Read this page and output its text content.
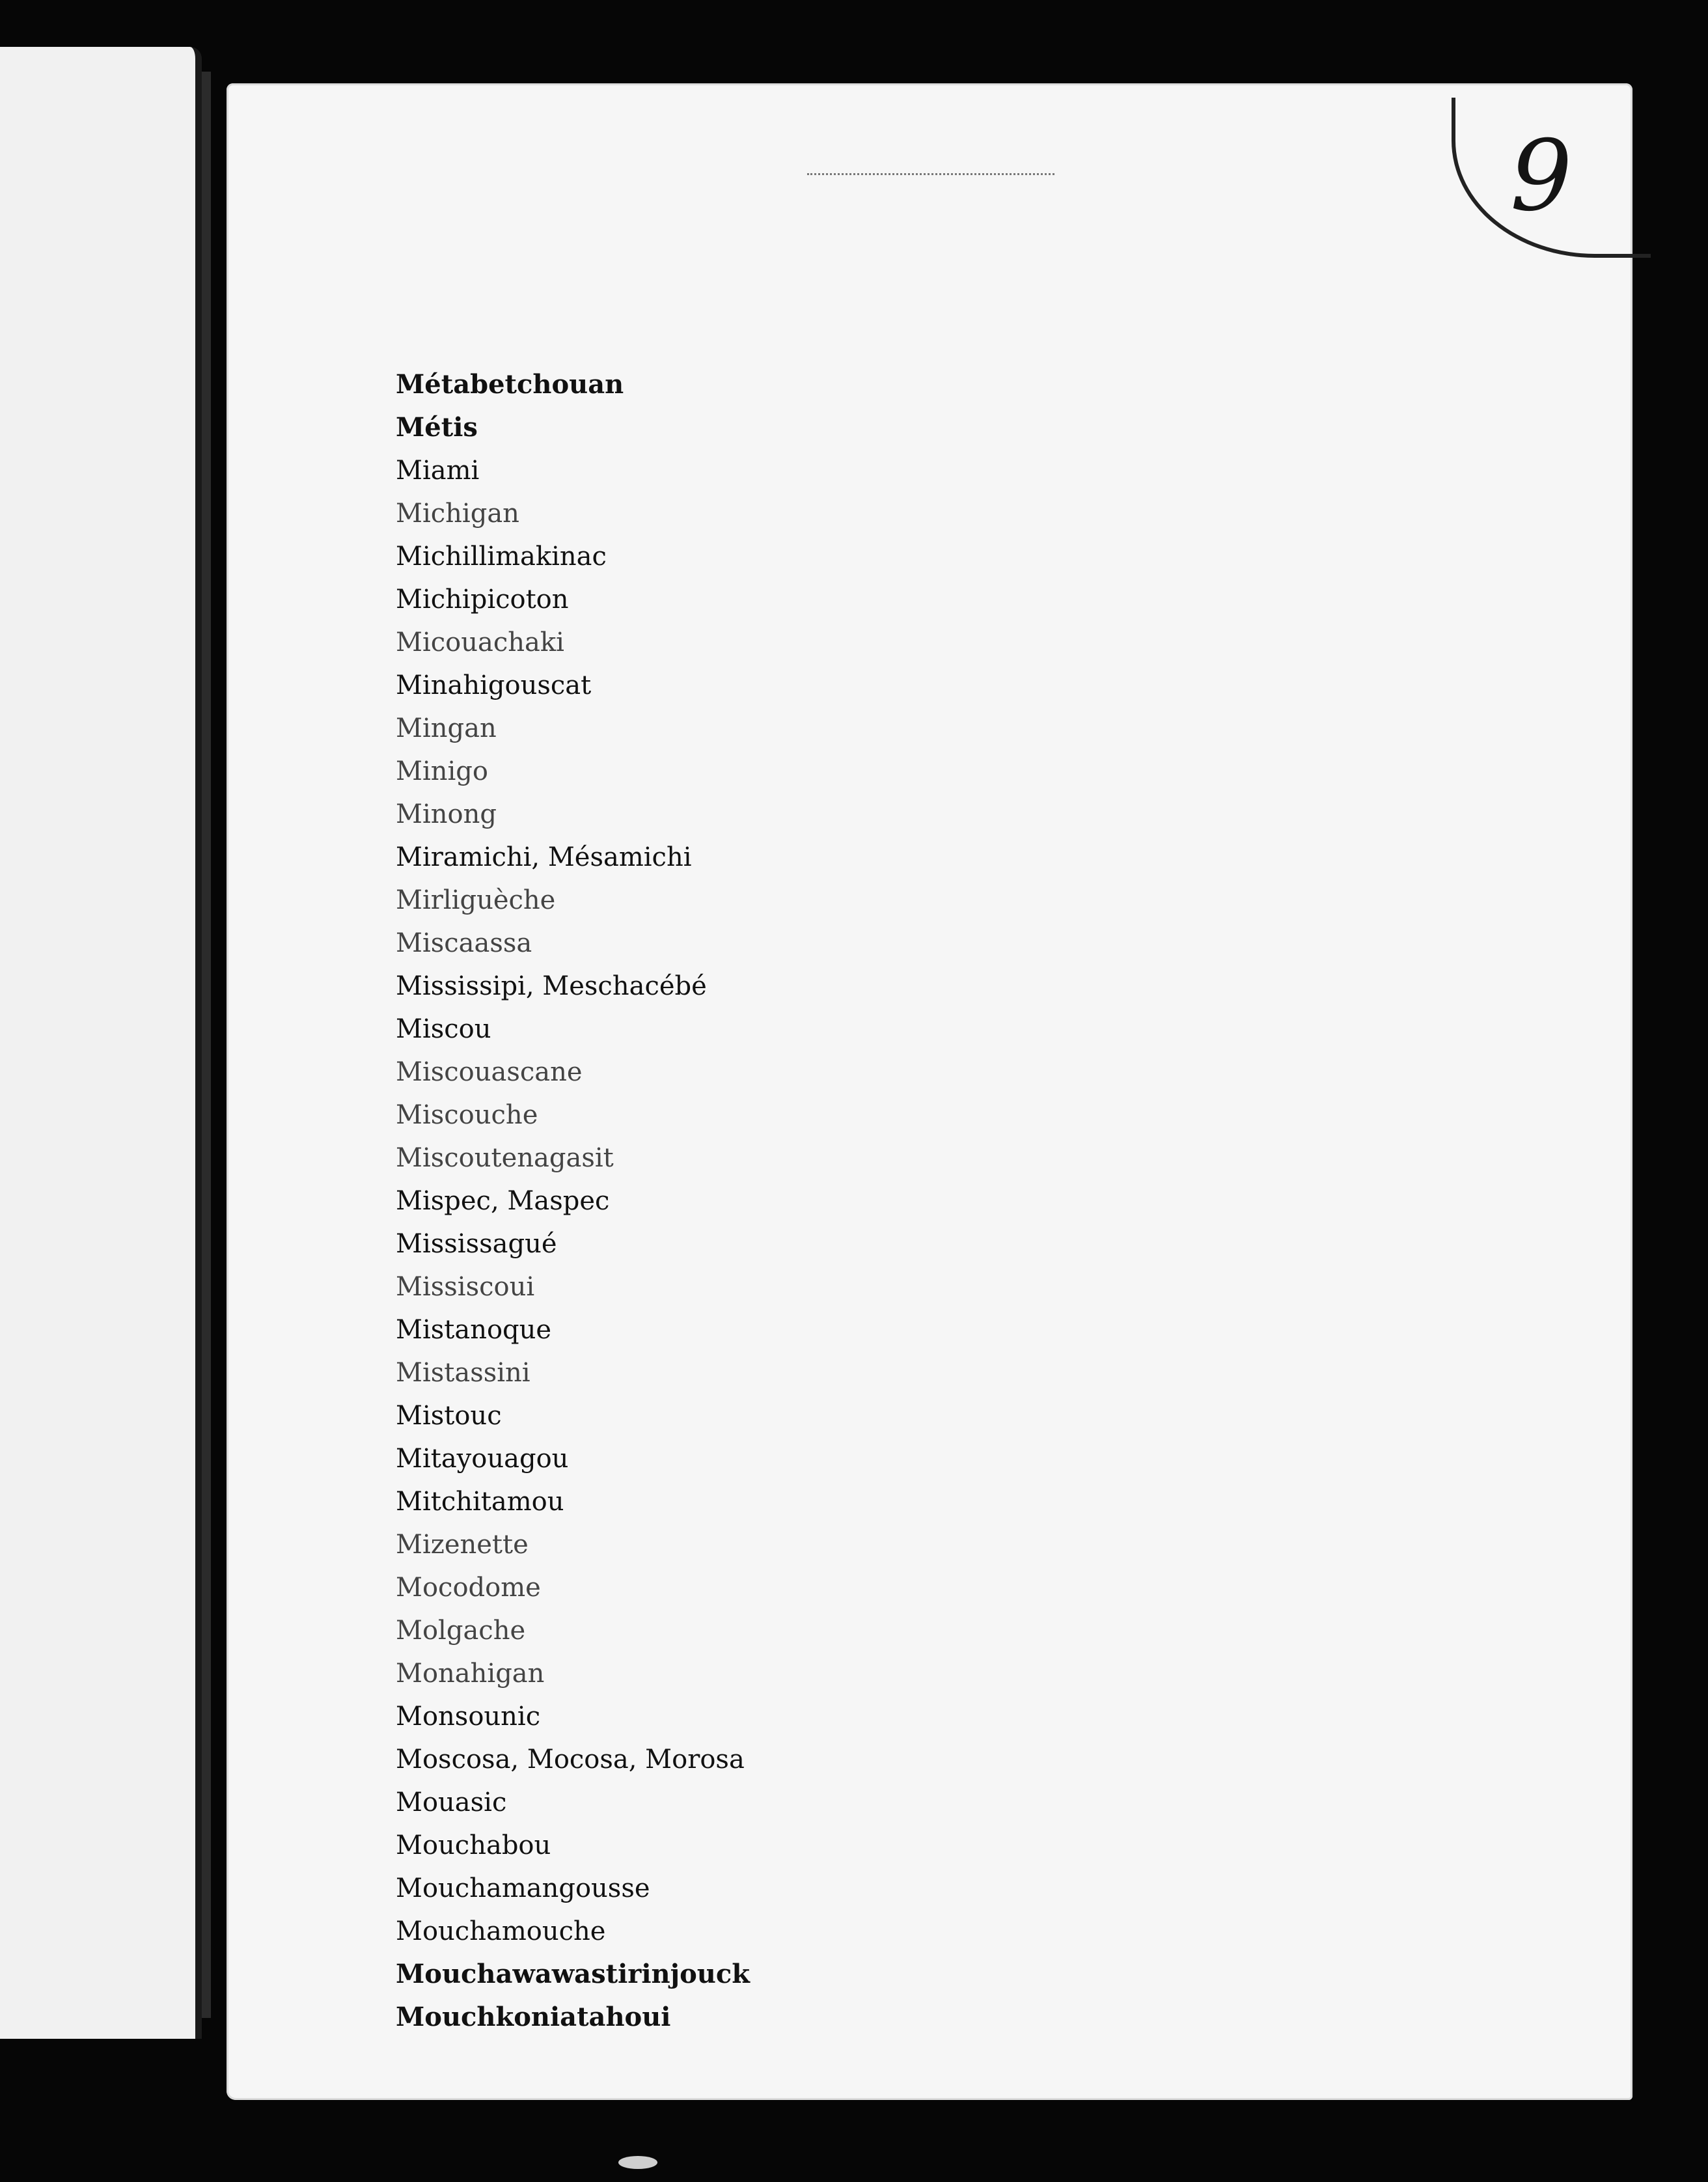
9
Métabetchouan
Métis
Miami
Michigan
Michillimakinac
Michipicoton
Micouachaki
Minahigouscat
Mingan
Minigo
Minong
Miramichi, Mésamichi
Mirliguèche
Miscaassa
Mississipi, Meschacébé
Miscou
Miscouascane
Miscouche
Miscoutenagasit
Mispec, Maspec
Mississagué
Missiscoui
Mistanoque
Mistassini
Mistouc
Mitayouagou
Mitchitamou
Mizenette
Mocodome
Molgache
Monahigan
Monsounic
Moscosa, Mocosa, Morosa
Mouasic
Mouchabou
Mouchamangousse
Mouchamouche
Mouchawawastirinjouck
Mouchkoniatahoui
